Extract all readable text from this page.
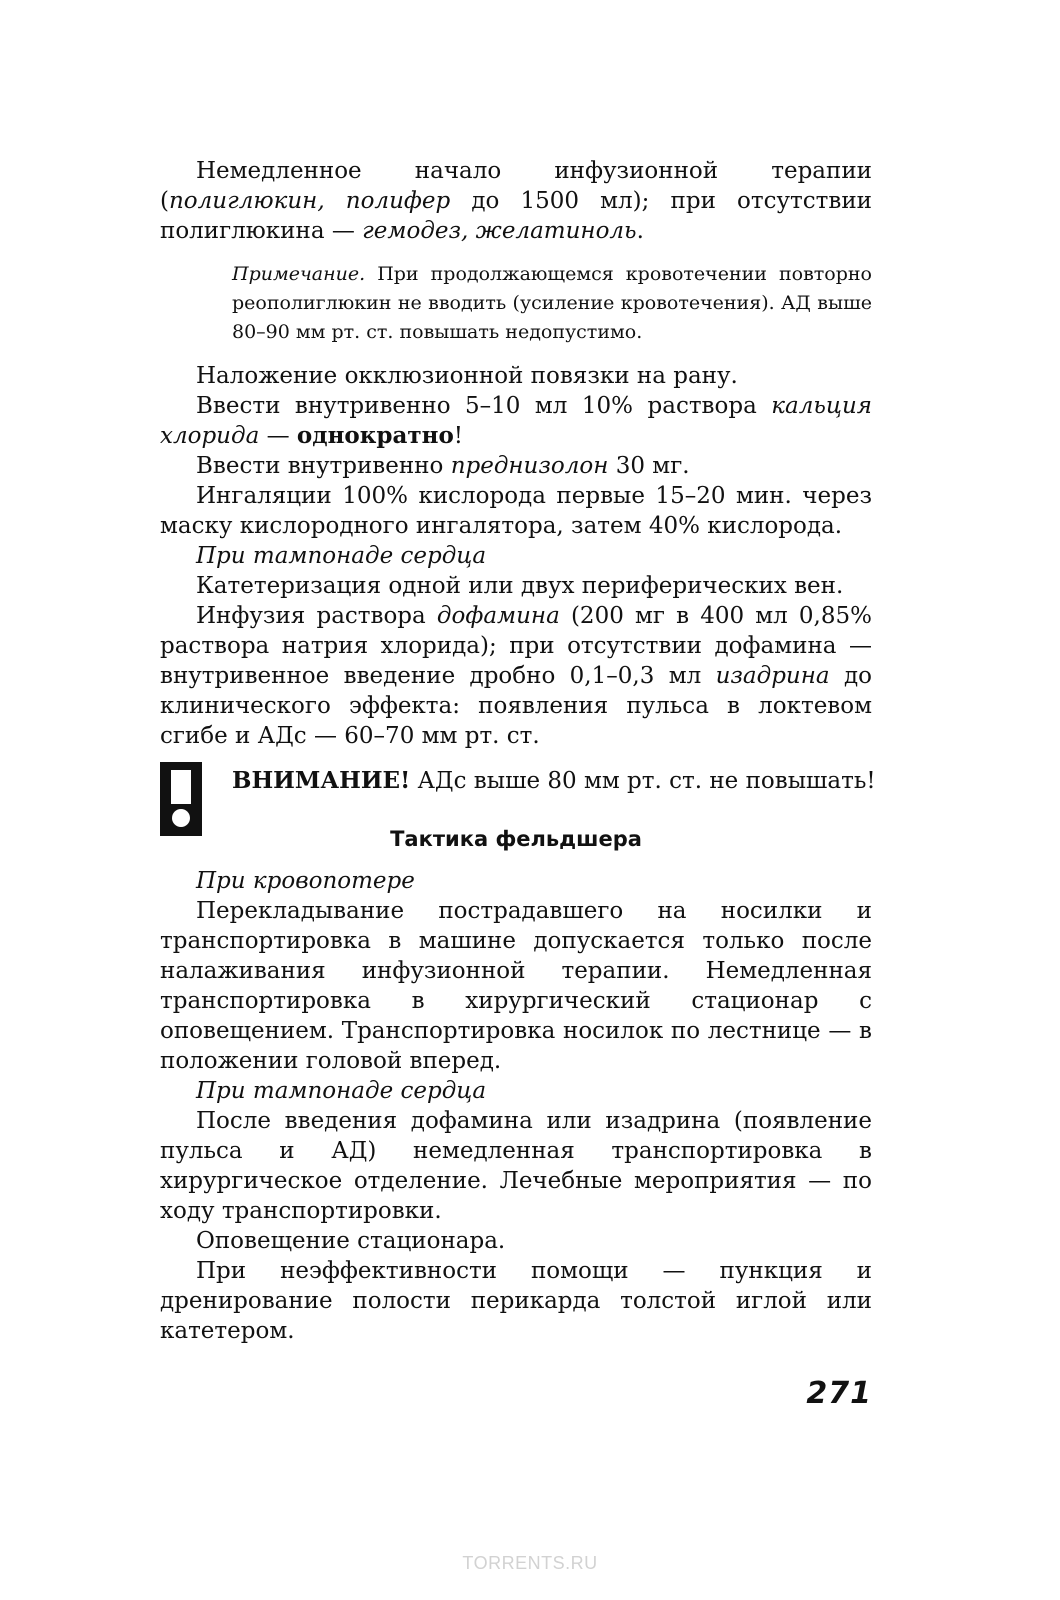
Немедленное начало инфузионной терапии (полиглюкин, полифер до 1500 мл); при отсутствии полиглюкина — гемодез, желатиноль.

Примечание. При продолжающемся кровотечении повторно реополиглюкин не вводить (усиление кровотечения). АД выше 80–90 мм рт. ст. повышать недопустимо.

Наложение окклюзионной повязки на рану.

Ввести внутривенно 5–10 мл 10% раствора кальция хлорида — однократно!

Ввести внутривенно преднизолон 30 мг.

Ингаляции 100% кислорода первые 15–20 мин. через маску кислородного ингалятора, затем 40% кислорода.

При тампонаде сердца

Катетеризация одной или двух периферических вен.

Инфузия раствора дофамина (200 мг в 400 мл 0,85% раствора натрия хлорида); при отсутствии дофамина — внутривенное введение дробно 0,1–0,3 мл изадрина до клинического эффекта: появления пульса в локтевом сгибе и АДс — 60–70 мм рт. ст.

ВНИМАНИЕ! АДс выше 80 мм рт. ст. не повышать!
Тактика фельдшера

При кровопотере

Перекладывание пострадавшего на носилки и транспортировка в машине допускается только после налаживания инфузионной терапии. Немедленная транспортировка в хирургический стационар с оповещением. Транспортировка носилок по лестнице — в положении головой вперед.

При тампонаде сердца

После введения дофамина или изадрина (появление пульса и АД) немедленная транспортировка в хирургическое отделение. Лечебные мероприятия — по ходу транспортировки.

Оповещение стационара.

При неэффективности помощи — пункция и дренирование полости перикарда толстой иглой или катетером.

271
TORRENTS.RU
